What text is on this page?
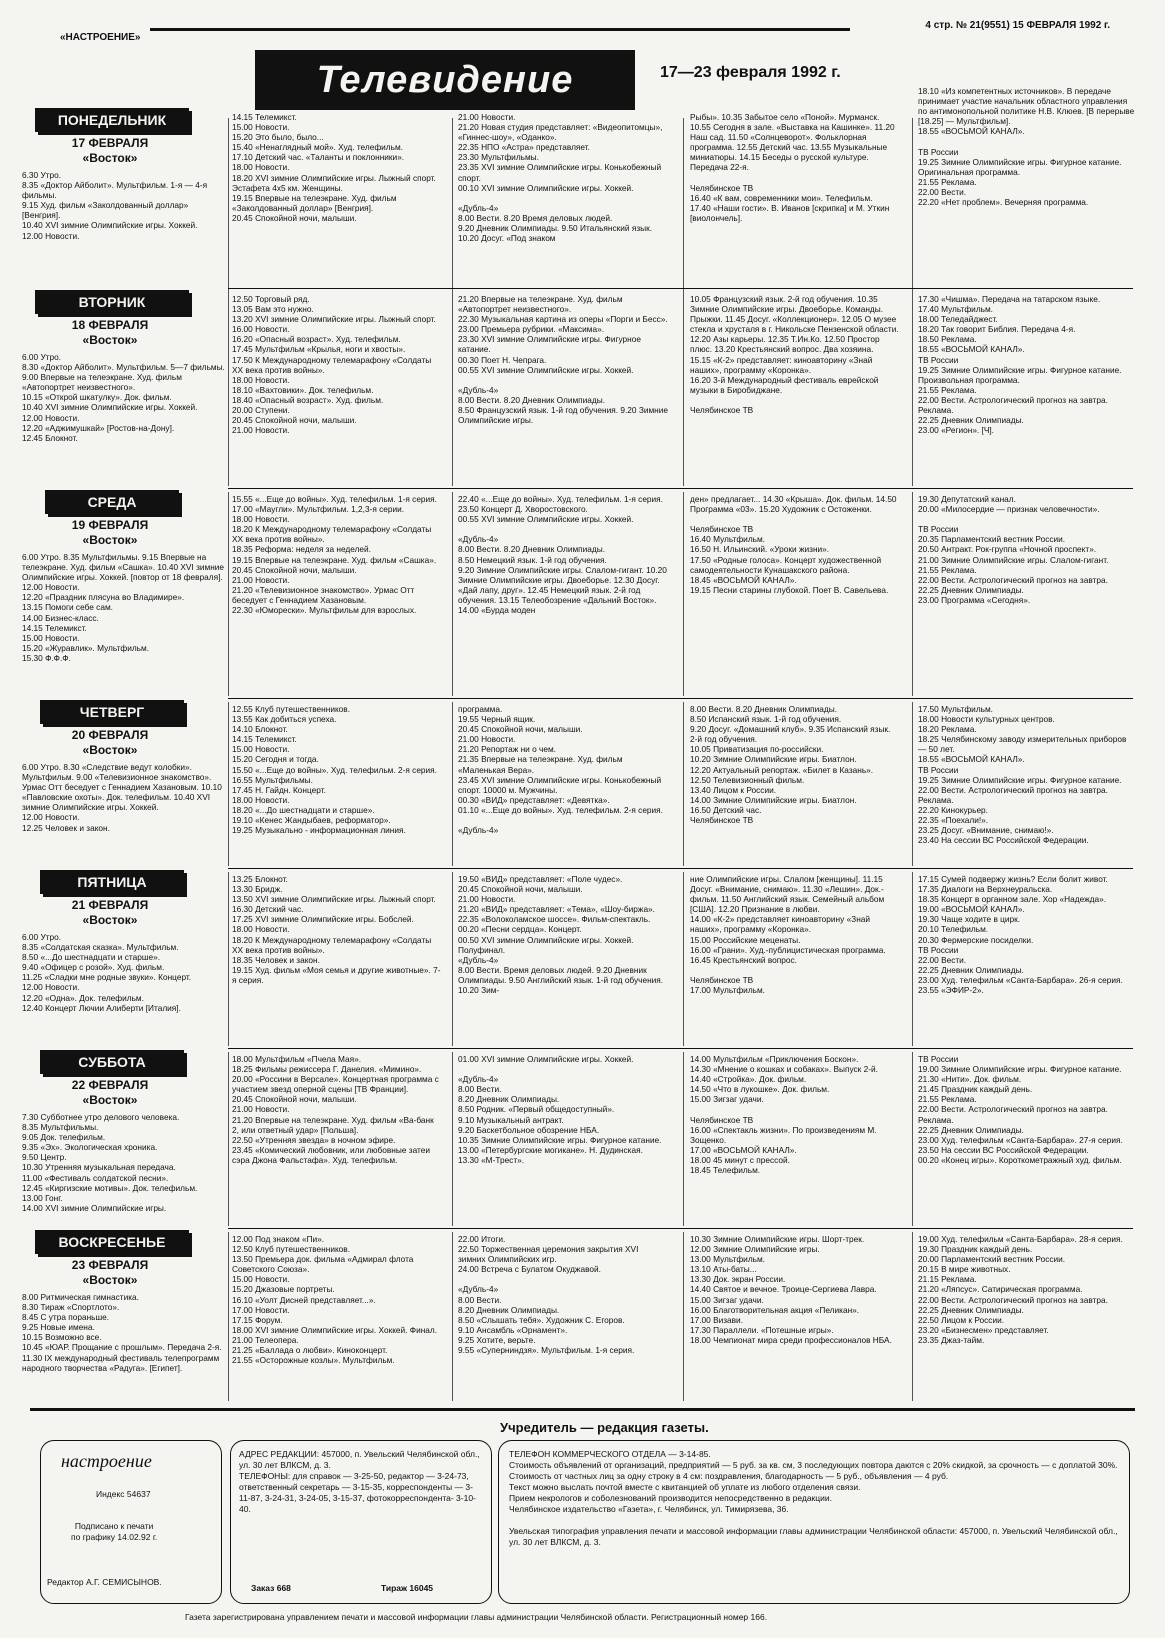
«НАСТРОЕНИЕ»
4 стр. № 21(9551) 15 ФЕВРАЛЯ 1992 г.
Телевидение	17—23 февраля 1992 г.
ПОНЕДЕЛЬНИК
17 ФЕВРАЛЯ
«Восток»
6.30 Утро.
8.35 «Доктор Айболит». Мультфильм. 1-я — 4-я фильмы.
9.15 Худ. фильм «Заколдованный доллар» [Венгрия].
10.40 XVI зимние Олимпийские игры. Хоккей.
12.00 Новости.
14.15 Телемикст.
15.00 Новости.
15.20 Это было, было...
15.40 «Ненаглядный мой». Худ. телефильм.
17.10 Детский час. «Таланты и поклонники».
18.00 Новости.
18.20 XVI зимние Олимпийские игры. Лыжный спорт. Эстафета 4х5 км. Женщины.
19.15 Впервые на телеэкране. Худ. фильм «Заколдованный доллар» [Венгрия].
20.45 Спокойной ночи, малыши.
21.00 Новости.
21.20 Новая студия представляет: «Видеопитомцы», «Гиннес-шоу», «Оданко».
22.35 НПО «Астра» представляет.
23.30 Мультфильмы.
23.35 XVI зимние Олимпийские игры. Конькобежный спорт.
00.10 XVI зимние Олимпийские игры. Хоккей.

«Дубль-4»
8.00 Вести. 8.20 Время деловых людей.
9.20 Дневник Олимпиады. 9.50 Итальянский язык. 10.20 Досуг. «Под знаком
Рыбы». 10.35 Забытое село «Поной». Мурманск. 10.55 Сегодня в зале. «Выставка на Кашинке». 11.20 Наш сад. 11.50 «Солнцеворот». Фольклорная программа. 12.55 Детский час. 13.55 Музыкальные миниатюры. 14.15 Беседы о русской культуре. Передача 22-я.

Челябинское ТВ
16.40 «К вам, современники мои». Телефильм.
17.40 «Наши гости». В. Иванов [скрипка] и М. Уткин [виолончель].
18.10 «Из компетентных источников». В передаче принимает участие начальник областного управления по антимонопольной политике Н.В. Клюев. [В перерыве [18.25] — Мультфильм].
18.55 «ВОСЬМОЙ КАНАЛ».

ТВ России
19.25 Зимние Олимпийские игры. Фигурное катание. Оригинальная программа.
21.55 Реклама.
22.00 Вести.
22.20 «Нет проблем». Вечерняя программа.
ВТОРНИК
18 ФЕВРАЛЯ
«Восток»
6.00 Утро.
8.30 «Доктор Айболит». Мультфильм. 5—7 фильмы.
9.00 Впервые на телеэкране. Худ. фильм «Автопортрет неизвестного».
10.15 «Открой шкатулку». Док. фильм.
10.40 XVI зимние Олимпийские игры. Хоккей.
12.00 Новости.
12.20 «Аджимушкай» [Ростов-на-Дону].
12.45 Блокнот.
12.50 Торговый ряд.
13.05 Вам это нужно.
13.20 XVI зимние Олимпийские игры. Лыжный спорт.
16.00 Новости.
16.20 «Опасный возраст». Худ. телефильм.
17.45 Мультфильм «Крылья, ноги и хвосты».
17.50 К Международному телемарафону «Солдаты XX века против войны».
18.00 Новости.
18.10 «Вахтовики». Док. телефильм.
18.40 «Опасный возраст». Худ. фильм.
20.00 Ступени.
20.45 Спокойной ночи, малыши.
21.00 Новости.
21.20 Впервые на телеэкране. Худ. фильм «Автопортрет неизвестного».
22.30 Музыкальная картина из оперы «Порги и Бесс».
23.00 Премьера рубрики. «Максима».
23.30 XVI зимние Олимпийские игры. Фигурное катание.
00.30 Поет Н. Чепрага.
00.55 XVI зимние Олимпийские игры. Хоккей.

«Дубль-4»
8.00 Вести. 8.20 Дневник Олимпиады.
8.50 Французский язык. 1-й год обучения. 9.20 Зимние Олимпийские игры.
10.05 Французский язык. 2-й год обучения. 10.35 Зимние Олимпийские игры. Двоеборье. Команды. Прыжки. 11.45 Досуг. «Коллекционер». 12.05 О музее стекла и хрусталя в г. Никольске Пензенской области. 12.20 Азы карьеры. 12.35 Т.Ин.Ко. 12.50 Простор плюс. 13.20 Крестьянский вопрос. Два хозяина.
15.15 «К-2» представляет: киноавторину «Знай наших», программу «Коронка».
16.20 3-й Международный фестиваль еврейской музыки в Биробиджане.

Челябинское ТВ
17.30 «Чишма». Передача на татарском языке.
17.40 Мультфильм.
18.00 Теледайджест.
18.20 Так говорит Библия. Передача 4-я.
18.50 Реклама.
18.55 «ВОСЬМОЙ КАНАЛ».
ТВ России
19.25 Зимние Олимпийские игры. Фигурное катание. Произвольная программа.
21.55 Реклама.
22.00 Вести. Астрологический прогноз на завтра. Реклама.
22.25 Дневник Олимпиады.
23.00 «Регион». [Ч].
СРЕДА
19 ФЕВРАЛЯ
«Восток»
6.00 Утро. 8.35 Мультфильмы. 9.15 Впервые на телеэкране. Худ. фильм «Сашка». 10.40 XVI зимние Олимпийские игры. Хоккей. [повтор от 18 февраля].
12.00 Новости.
12.20 «Праздник плясуна во Владимире».
13.15 Помоги себе сам.
14.00 Бизнес-класс.
14.15 Телемикст.
15.00 Новости.
15.20 «Журавлик». Мультфильм.
15.30 Ф.Ф.Ф.
15.55 «...Еще до войны». Худ. телефильм. 1-я серия.
17.00 «Маугли». Мультфильм. 1,2,3-я серии.
18.00 Новости.
18.20 К Международному телемарафону «Солдаты XX века против войны».
18.35 Реформа: неделя за неделей.
19.15 Впервые на телеэкране. Худ. фильм «Сашка».
20.45 Спокойной ночи, малыши.
21.00 Новости.
21.20 «Телевизионное знакомство». Урмас Отт беседует с Геннадием Хазановым.
22.30 «Юморески». Мультфильм для взрослых.
22.40 «...Еще до войны». Худ. телефильм. 1-я серия.
23.50 Концерт Д. Хворостовского.
00.55 XVI зимние Олимпийские игры. Хоккей.

«Дубль-4»
8.00 Вести. 8.20 Дневник Олимпиады.
8.50 Немецкий язык. 1-й год обучения.
9.20 Зимние Олимпийские игры. Слалом-гигант. 10.20 Зимние Олимпийские игры. Двоеборье. 12.30 Досуг. «Дай лапу, друг». 12.45 Немецкий язык. 2-й год обучения. 13.15 Телеобозрение «Дальний Восток». 14.00 «Бурда моден
ден» предлагает... 14.30 «Крыша». Док. фильм. 14.50 Программа «03». 15.20 Художник с Остоженки.

Челябинское ТВ
16.40 Мультфильм.
16.50 Н. Ильинский. «Уроки жизни».
17.50 «Родные голоса». Концерт художественной самодеятельности Кунашакского района.
18.45 «ВОСЬМОЙ КАНАЛ».
19.15 Песни старины глубокой. Поет В. Савельева.
19.30 Депутатский канал.
20.00 «Милосердие — признак человечности».

ТВ России
20.35 Парламентский вестник России.
20.50 Антракт. Рок-группа «Ночной проспект».
21.00 Зимние Олимпийские игры. Слалом-гигант.
21.55 Реклама.
22.00 Вести. Астрологический прогноз на завтра.
22.25 Дневник Олимпиады.
23.00 Программа «Сегодня».
ЧЕТВЕРГ
20 ФЕВРАЛЯ
«Восток»
6.00 Утро. 8.30 «Следствие ведут колобки». Мультфильм. 9.00 «Телевизионное знакомство». Урмас Отт беседует с Геннадием Хазановым. 10.10 «Павловские охоты». Док. телефильм. 10.40 XVI зимние Олимпийские игры. Хоккей.
12.00 Новости.
12.25 Человек и закон.
12.55 Клуб путешественников.
13.55 Как добиться успеха.
14.10 Блокнот.
14.15 Телемикст.
15.00 Новости.
15.20 Сегодня и тогда.
15.50 «...Еще до войны». Худ. телефильм. 2-я серия.
16.55 Мультфильмы.
17.45 Н. Гайдн. Концерт.
18.00 Новости.
18.20 «...До шестнадцати и старше».
19.10 «Кенес Жандыбаев, реформатор».
19.25 Музыкально - информационная линия.
программа.
19.55 Черный ящик.
20.45 Спокойной ночи, малыши.
21.00 Новости.
21.20 Репортаж ни о чем.
21.35 Впервые на телеэкране. Худ. фильм «Маленькая Вера».
23.45 XVI зимние Олимпийские игры. Конькобежный спорт. 10000 м. Мужчины.
00.30 «ВИД» представляет: «Девятка».
01.10 «...Еще до войны». Худ. телефильм. 2-я серия.

«Дубль-4»
8.00 Вести. 8.20 Дневник Олимпиады.
8.50 Испанский язык. 1-й год обучения.
9.20 Досуг. «Домашний клуб». 9.35 Испанский язык. 2-й год обучения.
10.05 Приватизация по-российски.
10.20 Зимние Олимпийские игры. Биатлон.
12.20 Актуальный репортаж. «Билет в Казань».
12.50 Телевизионный фильм.
13.40 Лицом к России.
14.00 Зимние Олимпийские игры. Биатлон.
16.50 Детский час.
Челябинское ТВ
17.50 Мультфильм.
18.00 Новости культурных центров.
18.20 Реклама.
18.25 Челябинскому заводу измерительных приборов — 50 лет.
18.55 «ВОСЬМОЙ КАНАЛ».
ТВ России
19.25 Зимние Олимпийские игры. Фигурное катание.
22.00 Вести. Астрологический прогноз на завтра. Реклама.
22.20 Кинокурьер.
22.35 «Поехали!».
23.25 Досуг. «Внимание, снимаю!».
23.40 На сессии ВС Российской Федерации.
ПЯТНИЦА
21 ФЕВРАЛЯ
«Восток»
6.00 Утро.
8.35 «Солдатская сказка». Мультфильм.
8.50 «...До шестнадцати и старше».
9.40 «Офицер с розой». Худ. фильм.
11.25 «Сладки мне родные звуки». Концерт.
12.00 Новости.
12.20 «Одна». Док. телефильм.
12.40 Концерт Лючии Алиберти [Италия].
13.25 Блокнот.
13.30 Бридж.
13.50 XVI зимние Олимпийские игры. Лыжный спорт.
16.30 Детский час.
17.25 XVI зимние Олимпийские игры. Бобслей.
18.00 Новости.
18.20 К Международному телемарафону «Солдаты XX века против войны».
18.35 Человек и закон.
19.15 Худ. фильм «Моя семья и другие животные». 7-я серия.
19.50 «ВИД» представляет: «Поле чудес».
20.45 Спокойной ночи, малыши.
21.00 Новости.
21.20 «ВИД» представляет: «Тема», «Шоу-биржа».
22.35 «Волоколамское шоссе». Фильм-спектакль.
00.20 «Песни сердца». Концерт.
00.50 XVI зимние Олимпийские игры. Хоккей. Полуфинал.
«Дубль-4»
8.00 Вести. Время деловых людей. 9.20 Дневник Олимпиады. 9.50 Английский язык. 1-й год обучения. 10.20 Зим-
ние Олимпийские игры. Слалом [женщины]. 11.15 Досуг. «Внимание, снимаю». 11.30 «Лешин». Док.-фильм. 11.50 Английский язык. Семейный альбом [США]. 12.20 Признание в любви.
14.00 «К-2» представляет киноавторину «Знай наших», программу «Коронка».
15.00 Российские меценаты.
16.00 «Грани». Худ.-публицистическая программа.
16.45 Крестьянский вопрос.

Челябинское ТВ
17.00 Мультфильм.
17.15 Сумей подвержу жизнь? Если болит живот.
17.35 Диалоги на Верхнеуральска.
18.35 Концерт в органном зале. Хор «Надежда».
19.00 «ВОСЬМОЙ КАНАЛ».
19.30 Чаще ходите в цирк.
20.10 Телефильм.
20.30 Фермерские посиделки.
ТВ России
22.00 Вести.
22.25 Дневник Олимпиады.
23.00 Худ. телефильм «Санта-Барбара». 26-я серия.
23.55 «ЭФИР-2».
СУББОТА
22 ФЕВРАЛЯ
«Восток»
7.30 Субботнее утро делового человека.
8.35 Мультфильмы.
9.05 Док. телефильм.
9.35 «Эх». Экологическая хроника.
9.50 Центр.
10.30 Утренняя музыкальная передача.
11.00 «Фестиваль солдатской песни».
12.45 «Киргизские мотивы». Док. телефильм.
13.00 Гонг.
14.00 XVI зимние Олимпийские игры.
18.00 Мультфильм «Пчела Мая».
18.25 Фильмы режиссера Г. Данелия. «Мимино».
20.00 «Россини в Версале». Концертная программа с участием звезд оперной сцены [ТВ Франции].
20.45 Спокойной ночи, малыши.
21.00 Новости.
21.20 Впервые на телеэкране. Худ. фильм «Ва-банк 2, или ответный удар» [Польша].
22.50 «Утренняя звезда» в ночном эфире.
23.45 «Комический любовник, или любовные затеи сэра Джона Фальстафа». Худ. телефильм.
01.00 XVI зимние Олимпийские игры. Хоккей.

«Дубль-4»
8.00 Вести.
8.20 Дневник Олимпиады.
8.50 Родник. «Первый общедоступный».
9.10 Музыкальный антракт.
9.20 Баскетбольное обозрение НБА.
10.35 Зимние Олимпийские игры. Фигурное катание.
13.00 «Петербургские могикане». Н. Дудинская.
13.30 «М-Трест».
14.00 Мультфильм «Приключения Боскон».
14.30 «Мнение о кошках и собаках». Выпуск 2-й.
14.40 «Стройка». Док. фильм.
14.50 «Что в лукошке». Док. фильм.
15.00 Зигзаг удачи.

Челябинское ТВ
16.00 «Спектакль жизни». По произведениям М. Зощенко.
17.00 «ВОСЬМОЙ КАНАЛ».
18.00 45 минут с прессой.
18.45 Телефильм.
ТВ России
19.00 Зимние Олимпийские игры. Фигурное катание.
21.30 «Нити». Док. фильм.
21.45 Праздник каждый день.
21.55 Реклама.
22.00 Вести. Астрологический прогноз на завтра. Реклама.
22.25 Дневник Олимпиады.
23.00 Худ. телефильм «Санта-Барбара». 27-я серия.
23.50 На сессии ВС Российской Федерации.
00.20 «Конец игры». Короткометражный худ. фильм.
ВОСКРЕСЕНЬЕ
23 ФЕВРАЛЯ
«Восток»
8.00 Ритмическая гимнастика.
8.30 Тираж «Спортлото».
8.45 С утра пораньше.
9.25 Новые имена.
10.15 Возможно все.
10.45 «ЮАР. Прощание с прошлым». Передача 2-я.
11.30 IX международный фестиваль телепрограмм народного творчества «Радуга». [Египет].
12.00 Под знаком «Пи».
12.50 Клуб путешественников.
13.50 Премьера док. фильма «Адмирал флота Советского Союза».
15.00 Новости.
15.20 Джазовые портреты.
16.10 «Уолт Дисней представляет...».
17.00 Новости.
17.15 Форум.
18.00 XVI зимние Олимпийские игры. Хоккей. Финал.
21.00 Телеопера.
21.25 «Баллада о любви». Киноконцерт.
21.55 «Осторожные козлы». Мультфильм.
22.00 Итоги.
22.50 Торжественная церемония закрытия XVI зимних Олимпийских игр.
24.00 Встреча с Булатом Окуджавой.

«Дубль-4»
8.00 Вести.
8.20 Дневник Олимпиады.
8.50 «Слышать тебя». Художник С. Егоров.
9.10 Ансамбль «Орнамент».
9.25 Хотите, верьте.
9.55 «Суперниндзя». Мультфильм. 1-я серия.
10.30 Зимние Олимпийские игры. Шорт-трек.
12.00 Зимние Олимпийские игры.
13.00 Мультфильм.
13.10 Аты-баты...
13.30 Док. экран России.
14.40 Святое и вечное. Троице-Сергиева Лавра.
15.00 Зигзаг удачи.
16.00 Благотворительная акция «Пеликан».
17.00 Визави.
17.30 Параллели. «Потешные игры».
18.00 Чемпионат мира среди профессионалов НБА.
19.00 Худ. телефильм «Санта-Барбара». 28-я серия.
19.30 Праздник каждый день.
20.00 Парламентский вестник России.
20.15 В мире животных.
21.15 Реклама.
21.20 «Ляпсус». Сатирическая программа.
22.00 Вести. Астрологический прогноз на завтра.
22.25 Дневник Олимпиады.
22.50 Лицом к России.
23.20 «Бизнесмен» представляет.
23.35 Джаз-тайм.
Учредитель — редакция газеты.
настроение
Индекс 54637
Подписано к печати
по графику 14.02.92 г.
Редактор А.Г. СЕМИСЫНОВ.
АДРЕС РЕДАКЦИИ: 457000, п. Увельский Челябинской обл., ул. 30 лет ВЛКСМ, д. 3.
ТЕЛЕФОНЫ: для справок — 3-25-50, редактор — 3-24-73, ответственный секретарь — 3-15-35, корреспонденты — 3-11-87, 3-24-31, 3-24-05, 3-15-37, фотокорреспондента- 3-10-40.
Заказ 668	Тираж 16045
ТЕЛЕФОН КОММЕРЧЕСКОГО ОТДЕЛА — 3-14-85.
Стоимость объявлений от организаций, предприятий — 5 руб. за кв. см, 3 последующих повтора даются с 20% скидкой, за срочность — с доплатой 30%.
Стоимость от частных лиц за одну строку в 4 см: поздравления, благодарность — 5 руб., объявления — 4 руб.
Текст можно выслать почтой вместе с квитанцией об уплате из любого отделения связи.
Прием некрологов и соболезнований производится непосредственно в редакции.
Челябинское издательство «Газета», г. Челябинск, ул. Тимирязева, 36.

Увельская типография управления печати и массовой информации главы администрации Челябинской области: 457000, п. Увельский Челябинской обл., ул. 30 лет ВЛКСМ, д. 3.
Газета зарегистрирована управлением печати и массовой информации главы администрации Челябинской области. Регистрационный номер 166.
